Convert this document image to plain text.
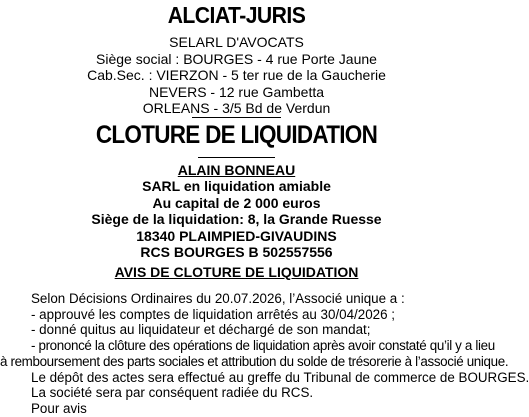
ALCIAT-JURIS
SELARL D'AVOCATS
Siège social : BOURGES - 4 rue Porte Jaune
Cab.Sec. : VIERZON - 5 ter rue de la Gaucherie
NEVERS - 12 rue Gambetta
ORLEANS - 3/5 Bd de Verdun
CLOTURE DE LIQUIDATION
ALAIN BONNEAU
SARL en liquidation amiable
Au capital de 2 000 euros
Siège de la liquidation: 8, la Grande Ruesse
18340 PLAIMPIED-GIVAUDINS
RCS BOURGES B 502557556
AVIS DE CLOTURE DE LIQUIDATION
Selon Décisions Ordinaires du 20.07.2026, l’Associé unique a :
- approuvé les comptes de liquidation arrêtés au 30/04/2026 ;
- donné quitus au liquidateur et déchargé de son mandat;
- prononcé la clôture des opérations de liquidation après avoir constaté qu’il y a lieu
à remboursement des parts sociales et attribution du solde de trésorerie à l’associé unique.
Le dépôt des actes sera effectué au greffe du Tribunal de commerce de BOURGES.
La société sera par conséquent radiée du RCS.
Pour avis
